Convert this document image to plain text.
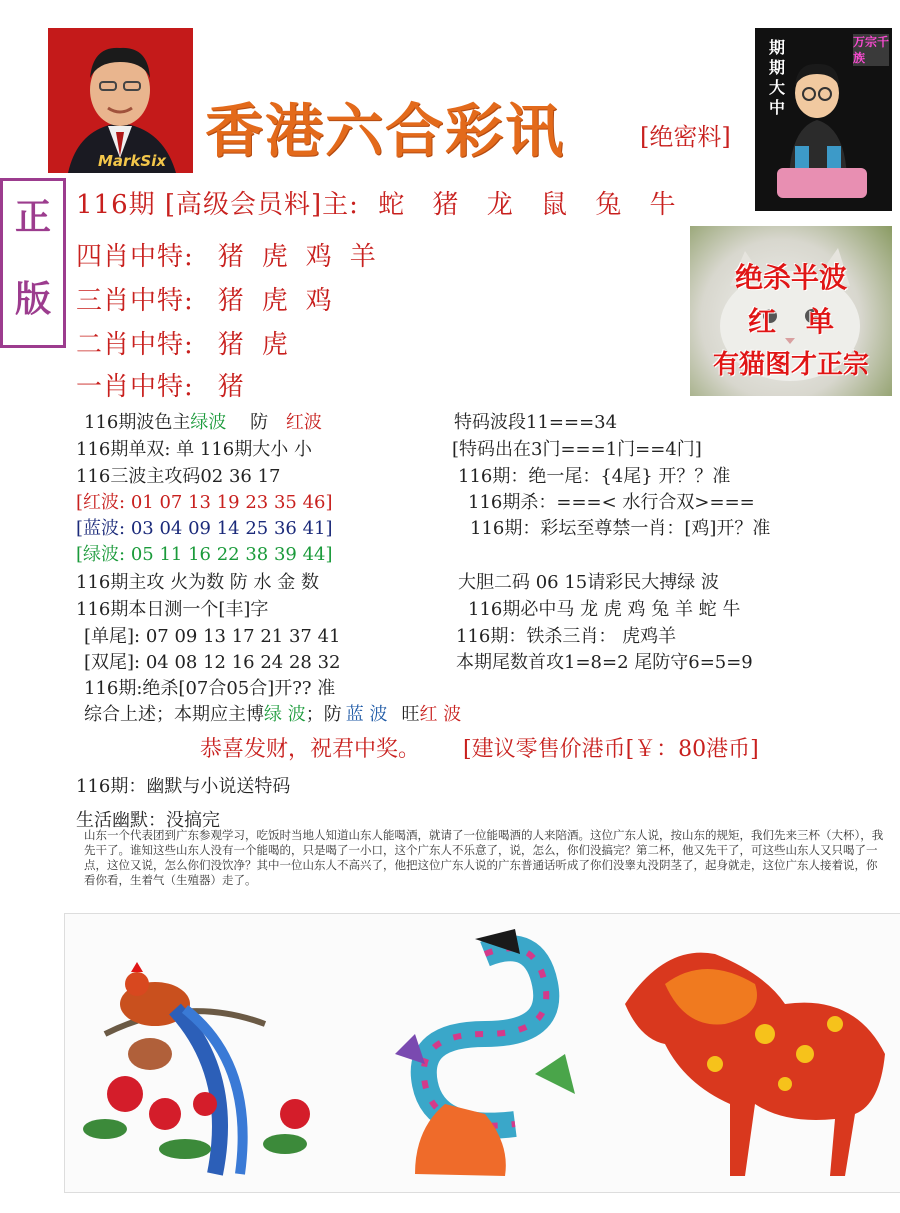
MarkSix 香港六合彩讯	[绝密料]
期期大中
万宗千族
正
版
116期 [高级会员料]主: 蛇 猪 龙 鼠 兔 牛
四肖中特: 猪虎鸡羊
三肖中特: 猪虎鸡
二肖中特: 猪虎
一肖中特: 猪
绝杀半波
红 单
有猫图才正宗
116期波色主绿波 防 红波
116期单双: 单 116期大小 小
116三波主攻码02 36 17
[红波: 01 07 13 19 23 35 46]
[蓝波: 03 04 09 14 25 36 41]
[绿波: 05 11 16 22 38 39 44]
116期主攻 火为数 防 水 金 数
116期本日测一个[丰]字
[单尾]: 07 09 13 17 21 37 41
[双尾]: 04 08 12 16 24 28 32
116期:绝杀[07合05合]开?? 准
综合上述；本期应主博绿 波；防 蓝 波 旺红 波
特码波段11===34
[特码出在3门===1门==4门]
116期：绝一尾：{4尾} 开？？准
116期杀：===< 水行合双>===
116期：彩坛至尊禁一肖：[鸡]开？准
大胆二码 06 15请彩民大搏绿 波
116期必中马 龙 虎 鸡 兔 羊 蛇 牛
116期：铁杀三肖： 虎鸡羊
本期尾数首攻1=8=2 尾防守6=5=9
恭喜发财，祝君中奖。 [建议零售价港币[￥：80港币]
116期：幽默与小说送特码
生活幽默：没搞完
山东一个代表团到广东参观学习，吃饭时当地人知道山东人能喝酒，就请了一位能喝酒的人来陪酒。这位广东人说，按山东的规矩，我们先来三杯（大杯），我先干了。谁知这些山东人没有一个能喝的，只是喝了一小口，这个广东人不乐意了，说，怎么，你们没搞完？第二杯，他又先干了，可这些山东人又只喝了一点，这位又说，怎么你们没饮净？其中一位山东人不高兴了，他把这位广东人说的广东普通话听成了你们没睾丸没阴茎了，起身就走，这位广东人接着说，你看你看，生着气（生殖器）走了。
